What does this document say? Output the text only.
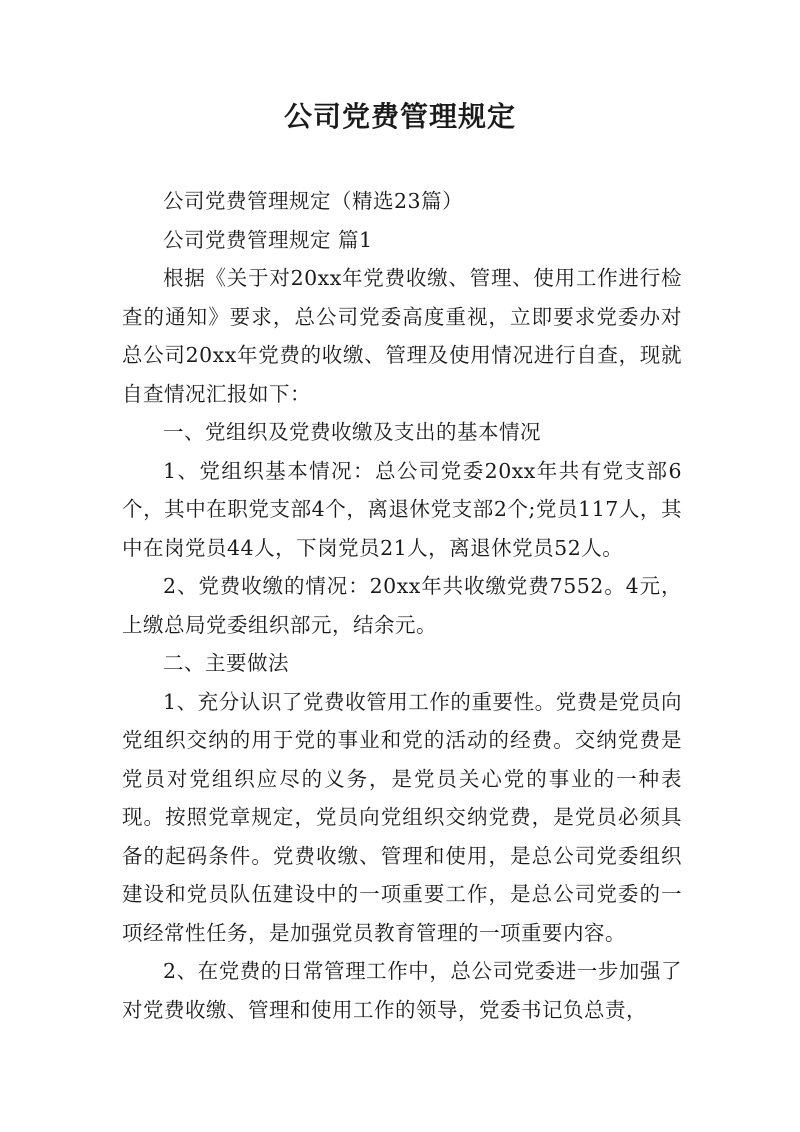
公司党费管理规定

公司党费管理规定（精选23篇）

公司党费管理规定 篇1

根据《关于对20xx年党费收缴、管理、使用工作进行检查的通知》要求，总公司党委高度重视，立即要求党委办对总公司20xx年党费的收缴、管理及使用情况进行自查，现就自查情况汇报如下：

一、党组织及党费收缴及支出的基本情况

1、党组织基本情况：总公司党委20xx年共有党支部6个，其中在职党支部4个，离退休党支部2个;党员117人，其中在岗党员44人，下岗党员21人，离退休党员52人。

2、党费收缴的情况：20xx年共收缴党费7552。4元，上缴总局党委组织部元，结余元。

二、主要做法

1、充分认识了党费收管用工作的重要性。党费是党员向党组织交纳的用于党的事业和党的活动的经费。交纳党费是党员对党组织应尽的义务，是党员关心党的事业的一种表现。按照党章规定，党员向党组织交纳党费，是党员必须具备的起码条件。党费收缴、管理和使用，是总公司党委组织建设和党员队伍建设中的一项重要工作，是总公司党委的一项经常性任务，是加强党员教育管理的一项重要内容。

2、在党费的日常管理工作中，总公司党委进一步加强了对党费收缴、管理和使用工作的领导，党委书记负总责，
